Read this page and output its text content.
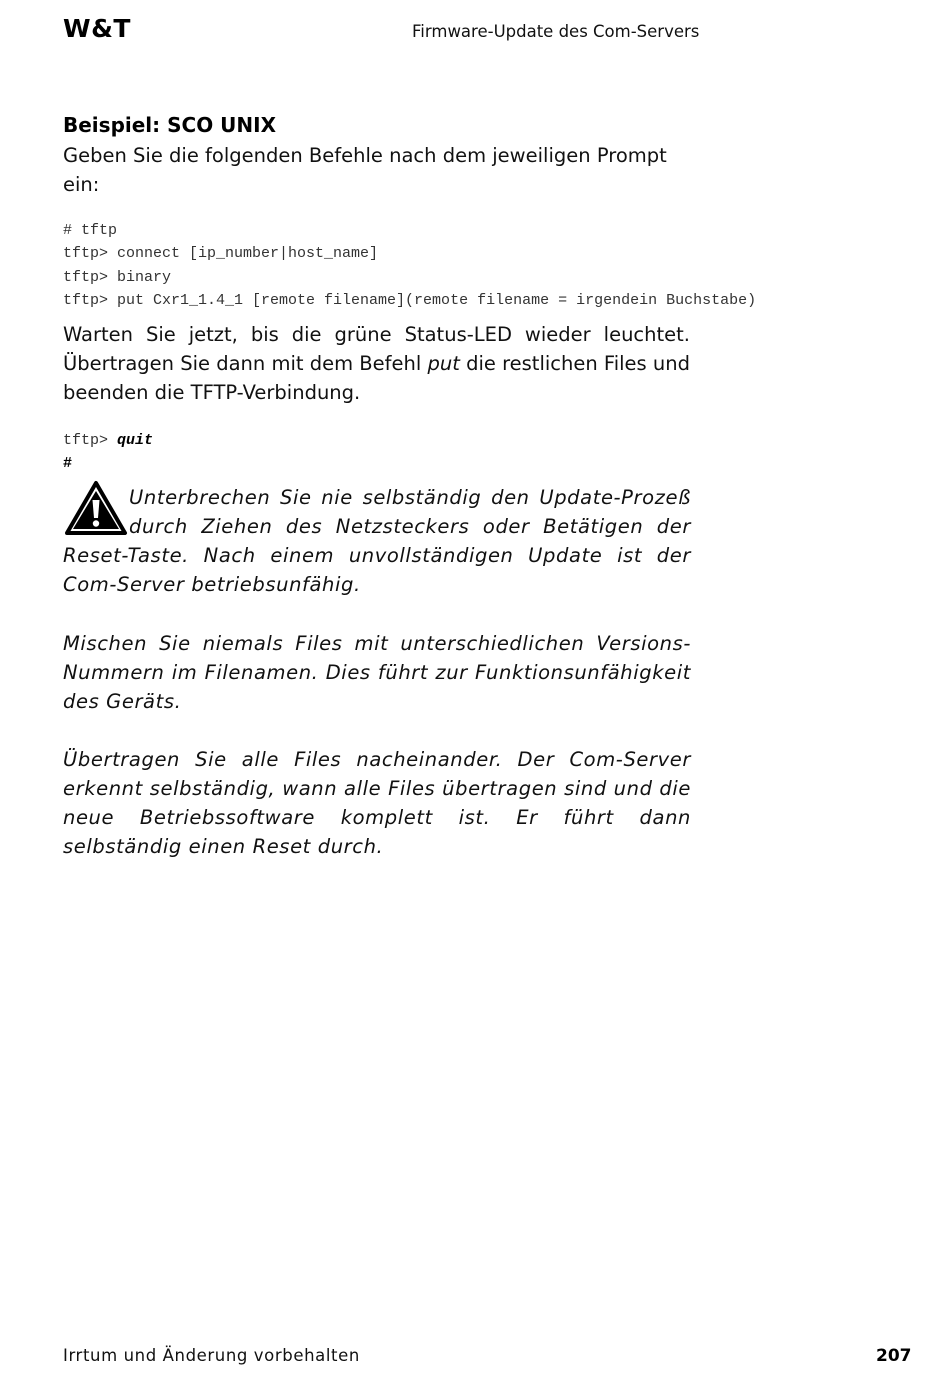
W&T	Firmware-Update des Com-Servers
Beispiel: SCO UNIX
Geben Sie die folgenden Befehle nach dem jeweiligen Prompt ein:
# tftp
tftp> connect [ip_number|host_name]
tftp> binary
tftp> put Cxr1_1.4_1 [remote filename](remote filename = irgendein Buchstabe)
Warten Sie jetzt, bis die grüne Status-LED wieder leuchtet. Übertragen Sie dann mit dem Befehl put die restlichen Files und beenden die TFTP-Verbindung.
tftp> quit
#

Unterbrechen Sie nie selbständig den Update-Prozeß durch Ziehen des Netzsteckers oder Betätigen der Reset-Taste. Nach einem unvollständigen Update ist der Com-Server betriebsunfähig.

Mischen Sie niemals Files mit unterschiedlichen Versions-Nummern im Filenamen. Dies führt zur Funktionsunfähigkeit des Geräts.

Übertragen Sie alle Files nacheinander. Der Com-Server erkennt selbständig, wann alle Files übertragen sind und die neue Betriebssoftware komplett ist. Er führt dann selbständig einen Reset durch.

Irrtum und Änderung vorbehalten	207
